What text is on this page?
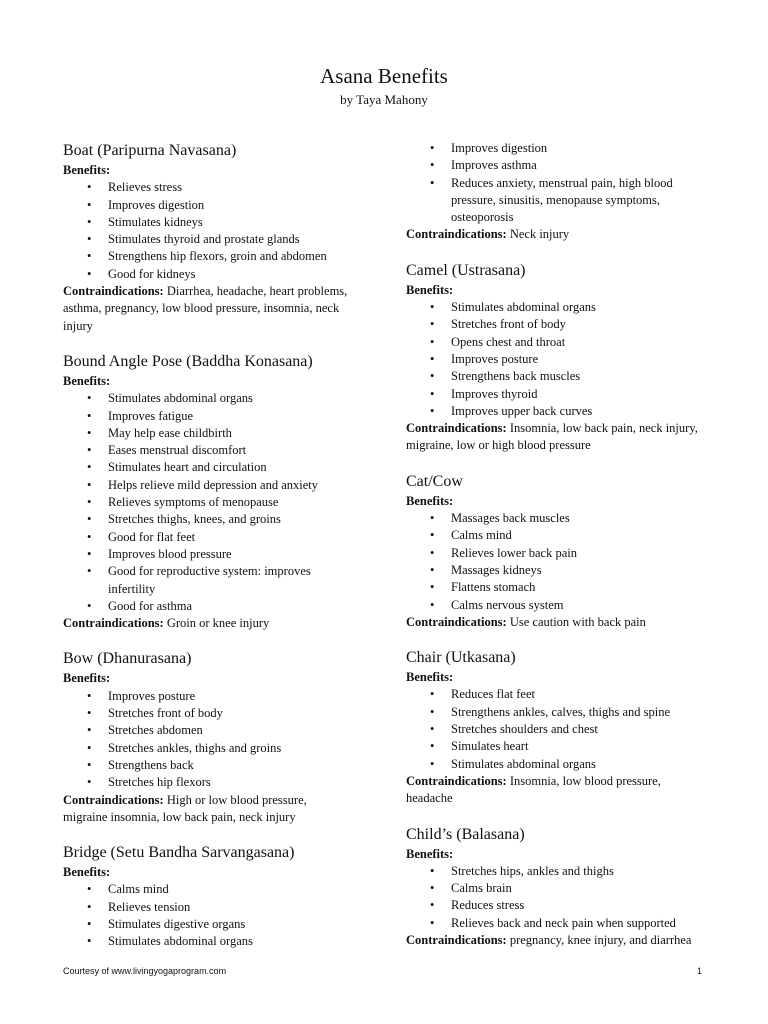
Asana Benefits
by Taya Mahony
Boat (Paripurna Navasana)
Benefits:
• Relieves stress
• Improves digestion
• Stimulates kidneys
• Stimulates thyroid and prostate glands
• Strengthens hip flexors, groin and abdomen
• Good for kidneys
Contraindications: Diarrhea, headache, heart problems, asthma, pregnancy, low blood pressure, insomnia, neck injury
Bound Angle Pose (Baddha Konasana)
Benefits:
• Stimulates abdominal organs
• Improves fatigue
• May help ease childbirth
• Eases menstrual discomfort
• Stimulates heart and circulation
• Helps relieve mild depression and anxiety
• Relieves symptoms of menopause
• Stretches thighs, knees, and groins
• Good for flat feet
• Improves blood pressure
• Good for reproductive system: improves infertility
• Good for asthma
Contraindications: Groin or knee injury
Bow (Dhanurasana)
Benefits:
• Improves posture
• Stretches front of body
• Stretches abdomen
• Stretches ankles, thighs and groins
• Strengthens back
• Stretches hip flexors
Contraindications: High or low blood pressure, migraine insomnia, low back pain, neck injury
Bridge (Setu Bandha Sarvangasana)
Benefits:
• Calms mind
• Relieves tension
• Stimulates digestive organs
• Stimulates abdominal organs
• Improves digestion
• Improves asthma
• Reduces anxiety, menstrual pain, high blood pressure, sinusitis, menopause symptoms, osteoporosis
Contraindications: Neck injury
Camel (Ustrasana)
Benefits:
• Stimulates abdominal organs
• Stretches front of body
• Opens chest and throat
• Improves posture
• Strengthens back muscles
• Improves thyroid
• Improves upper back curves
Contraindications: Insomnia, low back pain, neck injury, migraine, low or high blood pressure
Cat/Cow
Benefits:
• Massages back muscles
• Calms mind
• Relieves lower back pain
• Massages kidneys
• Flattens stomach
• Calms nervous system
Contraindications: Use caution with back pain
Chair (Utkasana)
Benefits:
• Reduces flat feet
• Strengthens ankles, calves, thighs and spine
• Stretches shoulders and chest
• Simulates heart
• Stimulates abdominal organs
Contraindications: Insomnia, low blood pressure, headache
Child’s (Balasana)
Benefits:
• Stretches hips, ankles and thighs
• Calms brain
• Reduces stress
• Relieves back and neck pain when supported
Contraindications: pregnancy, knee injury, and diarrhea
Courtesy of www.livingyogaprogram.com	1
